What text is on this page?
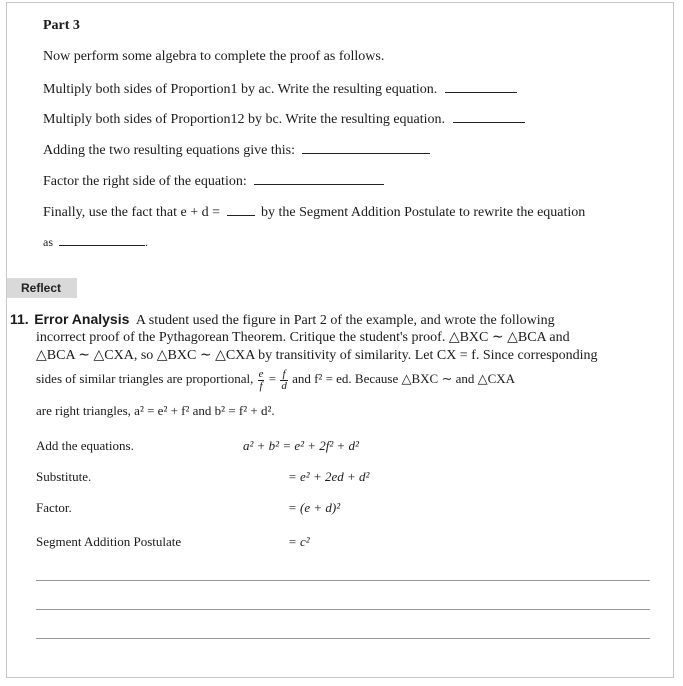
Part 3
Now perform some algebra to complete the proof as follows.
Multiply both sides of Proportion1 by ac. Write the resulting equation.
Multiply both sides of Proportion12 by bc. Write the resulting equation.
Adding the two resulting equations give this:
Factor the right side of the equation:
Finally, use the fact that e + d =	by the Segment Addition Postulate to rewrite the equation
as	.
Reflect
11. Error Analysis A student used the figure in Part 2 of the example, and wrote the following
incorrect proof of the Pythagorean Theorem. Critique the student's proof. △BXC ∼ △BCA and
△BCA ∼ △CXA, so △BXC ∼ △CXA by transitivity of similarity. Let CX = f. Since corresponding
sides of similar triangles are proportional, $\frac{e}{f} = \frac{f}{d}$ and f² = ed. Because △BXC ∼ and △CXA
are right triangles, a² = e² + f² and b² = f² + d².
Add the equations.	a² + b² = e² + 2f² + d²
Substitute.	= e² + 2ed + d²
Factor.	= (e + d)²
Segment Addition Postulate	= c²
